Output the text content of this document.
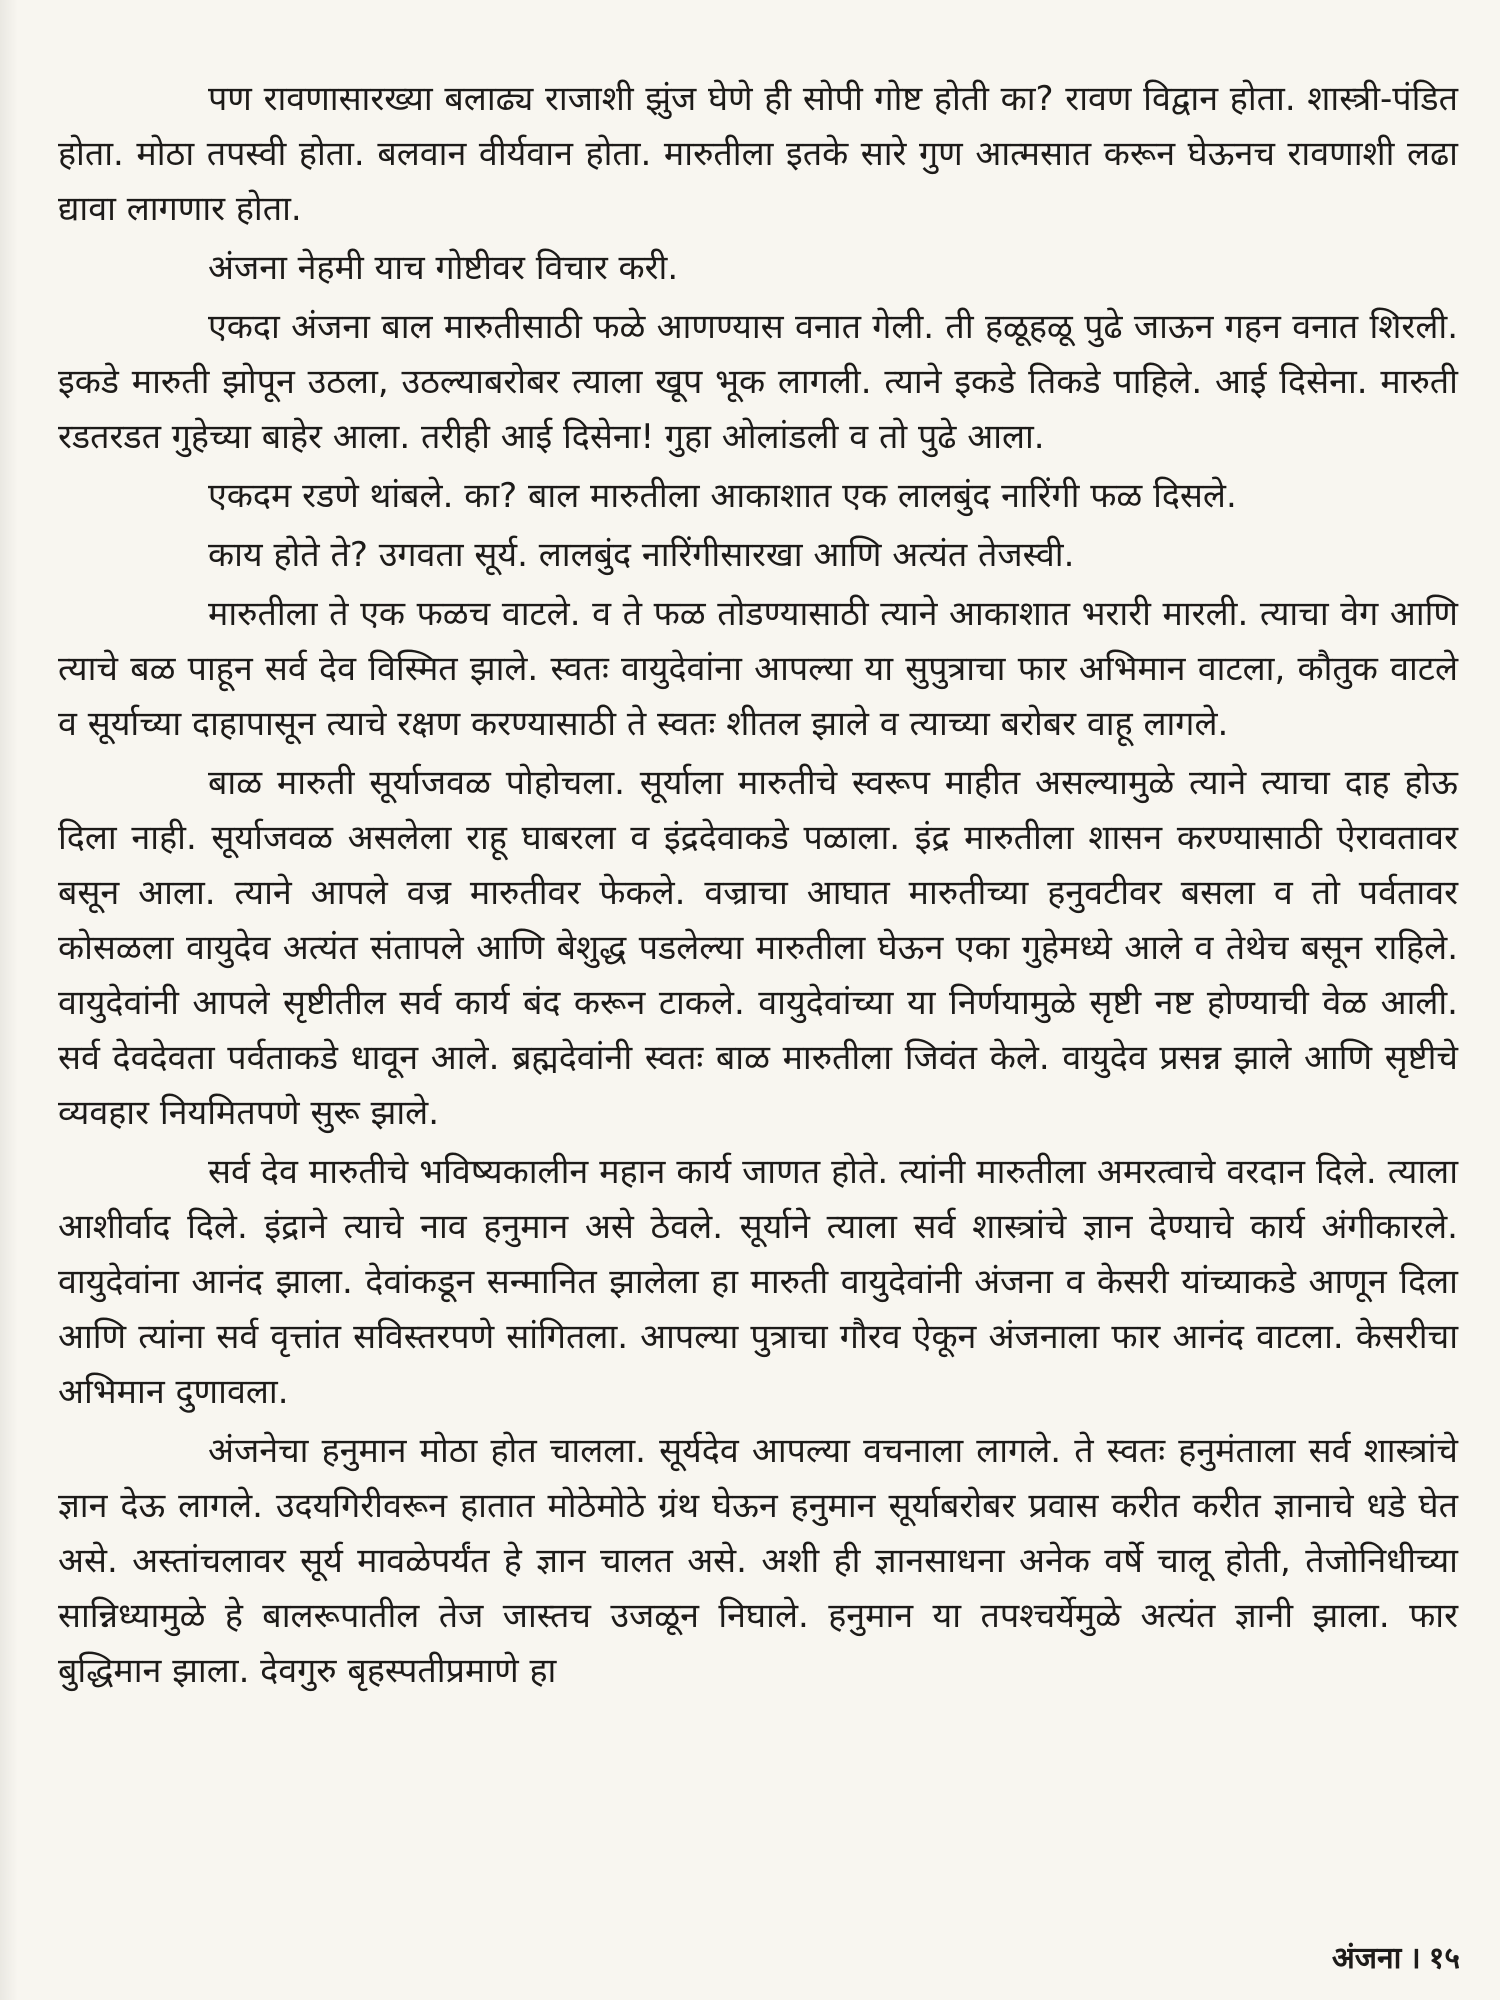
पण रावणासारख्या बलाढ्य राजाशी झुंज घेणे ही सोपी गोष्ट होती का? रावण विद्वान होता. शास्त्री-पंडित होता. मोठा तपस्वी होता. बलवान वीर्यवान होता. मारुतीला इतके सारे गुण आत्मसात करून घेऊनच रावणाशी लढा द्यावा लागणार होता.

अंजना नेहमी याच गोष्टीवर विचार करी.

एकदा अंजना बाल मारुतीसाठी फळे आणण्यास वनात गेली. ती हळूहळू पुढे जाऊन गहन वनात शिरली. इकडे मारुती झोपून उठला, उठल्याबरोबर त्याला खूप भूक लागली. त्याने इकडे तिकडे पाहिले. आई दिसेना. मारुती रडतरडत गुहेच्या बाहेर आला. तरीही आई दिसेना! गुहा ओलांडली व तो पुढे आला.

एकदम रडणे थांबले. का? बाल मारुतीला आकाशात एक लालबुंद नारिंगी फळ दिसले.

काय होते ते? उगवता सूर्य. लालबुंद नारिंगीसारखा आणि अत्यंत तेजस्वी.

मारुतीला ते एक फळच वाटले. व ते फळ तोडण्यासाठी त्याने आकाशात भरारी मारली. त्याचा वेग आणि त्याचे बळ पाहून सर्व देव विस्मित झाले. स्वतः वायुदेवांना आपल्या या सुपुत्राचा फार अभिमान वाटला, कौतुक वाटले व सूर्याच्या दाहापासून त्याचे रक्षण करण्यासाठी ते स्वतः शीतल झाले व त्याच्या बरोबर वाहू लागले.

बाळ मारुती सूर्याजवळ पोहोचला. सूर्याला मारुतीचे स्वरूप माहीत असल्यामुळे त्याने त्याचा दाह होऊ दिला नाही. सूर्याजवळ असलेला राहू घाबरला व इंद्रदेवाकडे पळाला. इंद्र मारुतीला शासन करण्यासाठी ऐरावतावर बसून आला. त्याने आपले वज्र मारुतीवर फेकले. वज्राचा आघात मारुतीच्या हनुवटीवर बसला व तो पर्वतावर कोसळला वायुदेव अत्यंत संतापले आणि बेशुद्ध पडलेल्या मारुतीला घेऊन एका गुहेमध्ये आले व तेथेच बसून राहिले. वायुदेवांनी आपले सृष्टीतील सर्व कार्य बंद करून टाकले. वायुदेवांच्या या निर्णयामुळे सृष्टी नष्ट होण्याची वेळ आली. सर्व देवदेवता पर्वताकडे धावून आले. ब्रह्मदेवांनी स्वतः बाळ मारुतीला जिवंत केले. वायुदेव प्रसन्न झाले आणि सृष्टीचे व्यवहार नियमितपणे सुरू झाले.

सर्व देव मारुतीचे भविष्यकालीन महान कार्य जाणत होते. त्यांनी मारुतीला अमरत्वाचे वरदान दिले. त्याला आशीर्वाद दिले. इंद्राने त्याचे नाव हनुमान असे ठेवले. सूर्याने त्याला सर्व शास्त्रांचे ज्ञान देण्याचे कार्य अंगीकारले. वायुदेवांना आनंद झाला. देवांकडून सन्मानित झालेला हा मारुती वायुदेवांनी अंजना व केसरी यांच्याकडे आणून दिला आणि त्यांना सर्व वृत्तांत सविस्तरपणे सांगितला. आपल्या पुत्राचा गौरव ऐकून अंजनाला फार आनंद वाटला. केसरीचा अभिमान दुणावला.

अंजनेचा हनुमान मोठा होत चालला. सूर्यदेव आपल्या वचनाला लागले. ते स्वतः हनुमंताला सर्व शास्त्रांचे ज्ञान देऊ लागले. उदयगिरीवरून हातात मोठेमोठे ग्रंथ घेऊन हनुमान सूर्याबरोबर प्रवास करीत करीत ज्ञानाचे धडे घेत असे. अस्तांचलावर सूर्य मावळेपर्यंत हे ज्ञान चालत असे. अशी ही ज्ञानसाधना अनेक वर्षे चालू होती, तेजोनिधीच्या सान्निध्यामुळे हे बालरूपातील तेज जास्तच उजळून निघाले. हनुमान या तपश्चर्येमुळे अत्यंत ज्ञानी झाला. फार बुद्धिमान झाला. देवगुरु बृहस्पतीप्रमाणे हा

अंजना । १५
